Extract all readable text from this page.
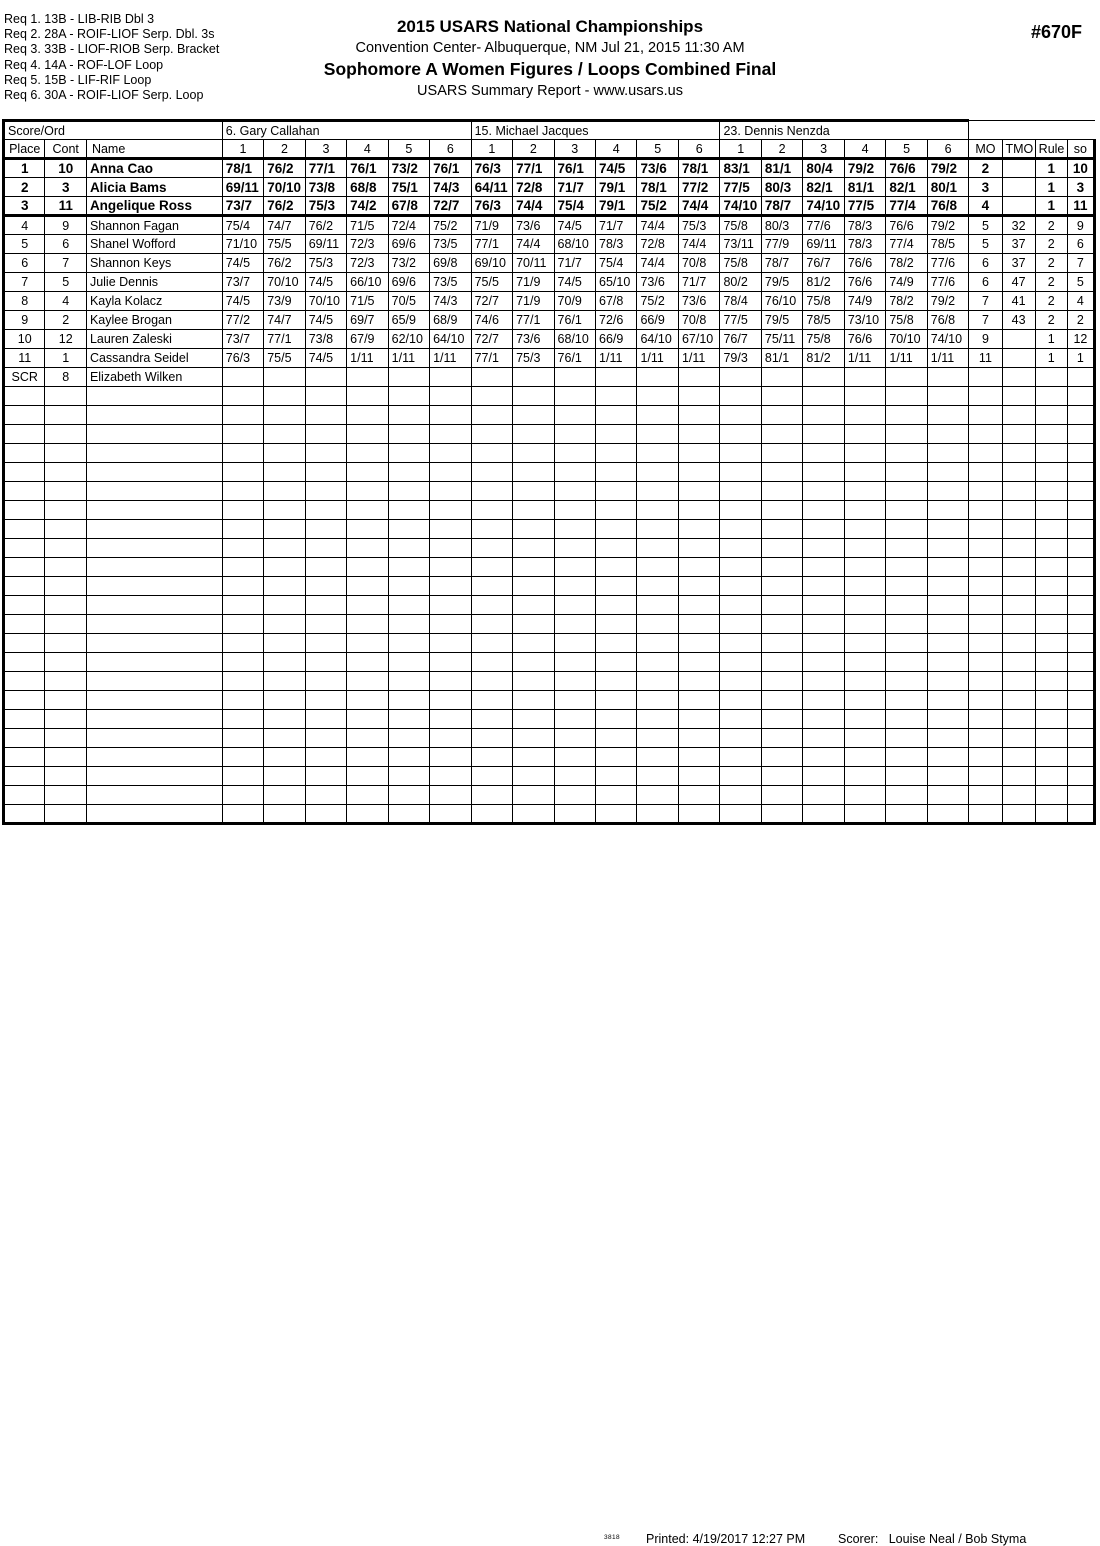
Req 1. 13B - LIB-RIB Dbl 3
Req 2. 28A - ROIF-LIOF Serp. Dbl. 3s
Req 3. 33B - LIOF-RIOB Serp. Bracket
Req 4. 14A - ROF-LOF Loop
Req 5. 15B - LIF-RIF Loop
Req 6. 30A - ROIF-LIOF Serp. Loop
2015 USARS National Championships
Convention Center- Albuquerque, NM Jul 21, 2015 11:30 AM
Sophomore A Women Figures / Loops Combined Final
USARS Summary Report - www.usars.us
#670F
Score/Ord			6. Gary Callahan						15. Michael Jacques						23. Dennis Nenzda									
Place	Cont	Name	1	2	3	4	5	6	1	2	3	4	5	6	1	2	3	4	5	6	MO	TMO	Rule	so
1	10	Anna Cao	78/1	76/2	77/1	76/1	73/2	76/1	76/3	77/1	76/1	74/5	73/6	78/1	83/1	81/1	80/4	79/2	76/6	79/2	2		1	10
2	3	Alicia Bams	69/11	70/10	73/8	68/8	75/1	74/3	64/11	72/8	71/7	79/1	78/1	77/2	77/5	80/3	82/1	81/1	82/1	80/1	3		1	3
3	11	Angelique Ross	73/7	76/2	75/3	74/2	67/8	72/7	76/3	74/4	75/4	79/1	75/2	74/4	74/10	78/7	74/10	77/5	77/4	76/8	4		1	11
4	9	Shannon Fagan	75/4	74/7	76/2	71/5	72/4	75/2	71/9	73/6	74/5	71/7	74/4	75/3	75/8	80/3	77/6	78/3	76/6	79/2	5	32	2	9
5	6	Shanel Wofford	71/10	75/5	69/11	72/3	69/6	73/5	77/1	74/4	68/10	78/3	72/8	74/4	73/11	77/9	69/11	78/3	77/4	78/5	5	37	2	6
6	7	Shannon Keys	74/5	76/2	75/3	72/3	73/2	69/8	69/10	70/11	71/7	75/4	74/4	70/8	75/8	78/7	76/7	76/6	78/2	77/6	6	37	2	7
7	5	Julie Dennis	73/7	70/10	74/5	66/10	69/6	73/5	75/5	71/9	74/5	65/10	73/6	71/7	80/2	79/5	81/2	76/6	74/9	77/6	6	47	2	5
8	4	Kayla Kolacz	74/5	73/9	70/10	71/5	70/5	74/3	72/7	71/9	70/9	67/8	75/2	73/6	78/4	76/10	75/8	74/9	78/2	79/2	7	41	2	4
9	2	Kaylee Brogan	77/2	74/7	74/5	69/7	65/9	68/9	74/6	77/1	76/1	72/6	66/9	70/8	77/5	79/5	78/5	73/10	75/8	76/8	7	43	2	2
10	12	Lauren Zaleski	73/7	77/1	73/8	67/9	62/10	64/10	72/7	73/6	68/10	66/9	64/10	67/10	76/7	75/11	75/8	76/6	70/10	74/10	9		1	12
11	1	Cassandra Seidel	76/3	75/5	74/5	1/11	1/11	1/11	77/1	75/3	76/1	1/11	1/11	1/11	79/3	81/1	81/2	1/11	1/11	1/11	11		1	1
SCR	8	Elizabeth Wilken																						

3818 Printed: 4/19/2017 12:27 PM	Scorer: Louise Neal / Bob Styma
